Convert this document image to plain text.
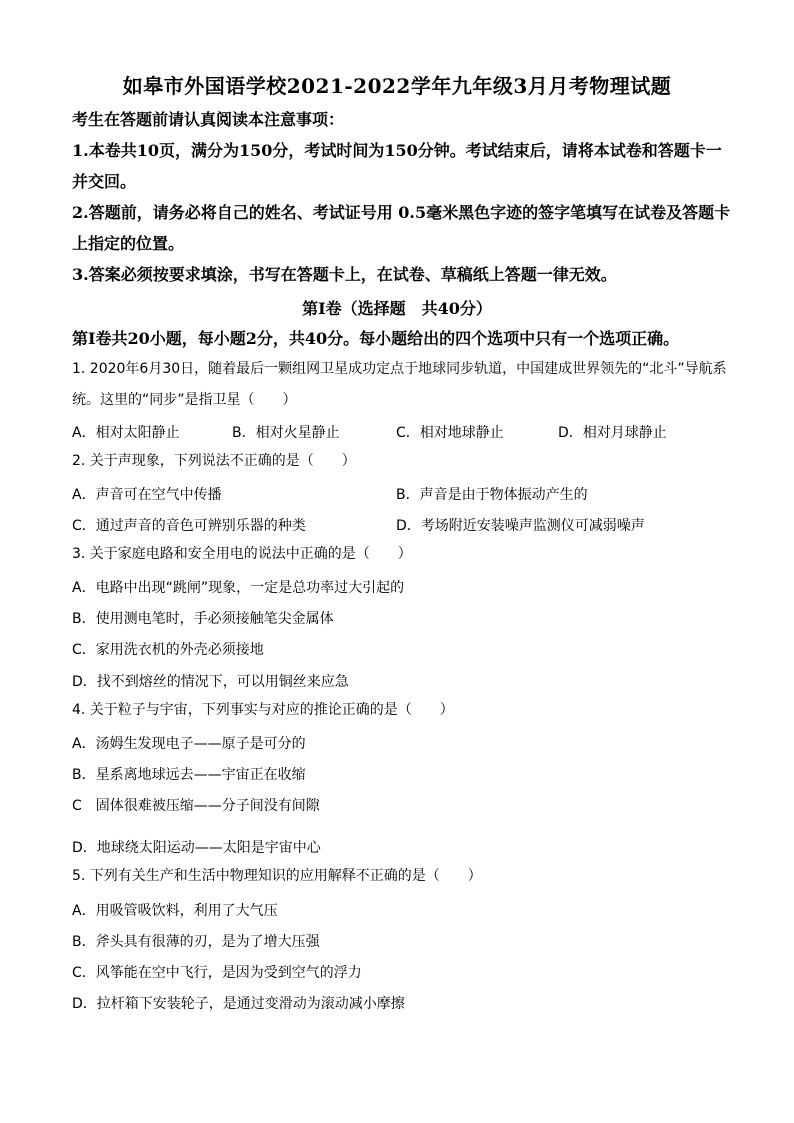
如皋市外国语学校2021-2022学年九年级3月月考物理试题
考生在答题前请认真阅读本注意事项：
1.本卷共10页，满分为150分，考试时间为150分钟。考试结束后，请将本试卷和答题卡一并交回。
2.答题前，请务必将自己的姓名、考试证号用 0.5毫米黑色字迹的签字笔填写在试卷及答题卡上指定的位置。
3.答案必须按要求填涂，书写在答题卡上，在试卷、草稿纸上答题一律无效。
第Ⅰ卷（选择题　共40分）
第Ⅰ卷共20小题，每小题2分，共40分。每小题给出的四个选项中只有一个选项正确。
1. 2020年6月30日，随着最后一颗组网卫星成功定点于地球同步轨道，中国建成世界领先的“北斗”导航系统。这里的“同步”是指卫星（　　）
A．相对太阳静止	B．相对火星静止	C．相对地球静止	D．相对月球静止
2. 关于声现象，下列说法不正确的是（　　）
A．声音可在空气中传播	B．声音是由于物体振动产生的
C．通过声音的音色可辨别乐器的种类	D．考场附近安装噪声监测仪可减弱噪声
3. 关于家庭电路和安全用电的说法中正确的是（　　）
A．电路中出现“跳闸”现象，一定是总功率过大引起的
B．使用测电笔时，手必须接触笔尖金属体
C．家用洗衣机的外壳必须接地
D．找不到熔丝的情况下，可以用铜丝来应急
4. 关于粒子与宇宙，下列事实与对应的推论正确的是（　　）
A．汤姆生发现电子——原子是可分的
B．星系离地球远去——宇宙正在收缩
C　固体很难被压缩——分子间没有间隙
D．地球绕太阳运动——太阳是宇宙中心
5. 下列有关生产和生活中物理知识的应用解释不正确的是（　　）
A．用吸管吸饮料，利用了大气压
B．斧头具有很薄的刃，是为了增大压强
C．风筝能在空中飞行，是因为受到空气的浮力
D．拉杆箱下安装轮子，是通过变滑动为滚动减小摩擦
